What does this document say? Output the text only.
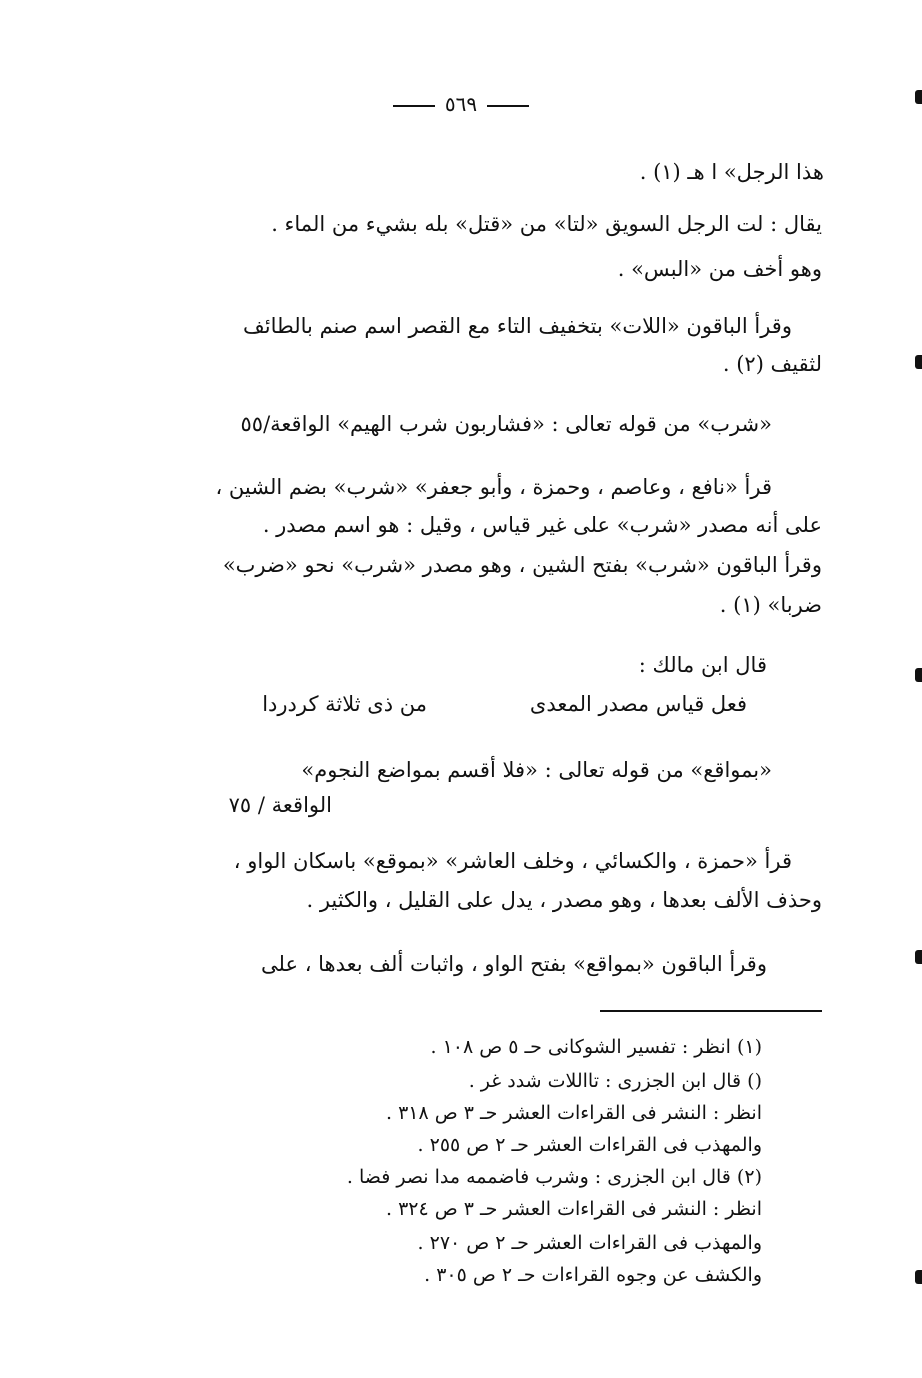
٥٦٩
هذا الرجل» ا هـ (١) .
يقال : لت الرجل السويق «لتا» من «قتل» بله بشيء من الماء .
وهو أخف من «البس» .
وقرأ الباقون «اللات» بتخفيف التاء مع القصر اسم صنم بالطائف
لثقيف (٢) .
«شرب» من قوله تعالى : «فشاربون شرب الهيم» الواقعة/٥٥
قرأ «نافع ، وعاصم ، وحمزة ، وأبو جعفر» «شرب» بضم الشين ،
على أنه مصدر «شرب» على غير قياس ، وقيل : هو اسم مصدر .
وقرأ الباقون «شرب» بفتح الشين ، وهو مصدر «شرب» نحو «ضرب»
ضربا» (١) .
قال ابن مالك :
فعل قياس مصدر المعدى
من ذى ثلاثة كردردا
«بمواقع» من قوله تعالى : «فلا أقسم بمواضع النجوم»
الواقعة / ٧٥
قرأ «حمزة ، والكسائي ، وخلف العاشر» «بموقع» باسكان الواو ،
وحذف الألف بعدها ، وهو مصدر ، يدل على القليل ، والكثير .
وقرأ الباقون «بمواقع» بفتح الواو ، واثبات ألف بعدها ، على
(١) انظر : تفسير الشوكانى حـ ٥ ص ١٠٨ .
() قال ابن الجزرى : تااللات شدد غر .
انظر : النشر فى القراءات العشر حـ ٣ ص ٣١٨ .
والمهذب فى القراءات العشر حـ ٢ ص ٢٥٥ .
(٢) قال ابن الجزرى : وشرب فاضممه مدا نصر فضا .
انظر : النشر فى القراءات العشر حـ ٣ ص ٣٢٤ .
والمهذب فى القراءات العشر حـ ٢ ص ٢٧٠ .
والكشف عن وجوه القراءات حـ ٢ ص ٣٠٥ .
